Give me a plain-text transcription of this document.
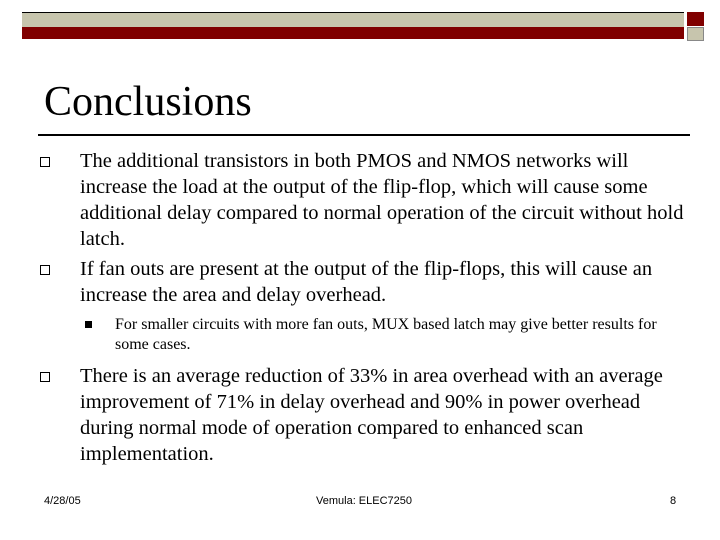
Conclusions
The additional transistors in both PMOS and NMOS networks will increase the load at the output of the flip-flop, which will cause some additional delay compared to normal operation of the circuit without hold latch.
If fan outs are present at the output of the flip-flops, this will cause an increase the area and delay overhead.
For smaller circuits with more fan outs, MUX based latch may give better results for some cases.
There is an average reduction of 33% in area overhead with an average improvement of 71% in delay overhead and 90% in power overhead during normal mode of operation compared to enhanced scan implementation.
4/28/05	Vemula: ELEC7250	8
